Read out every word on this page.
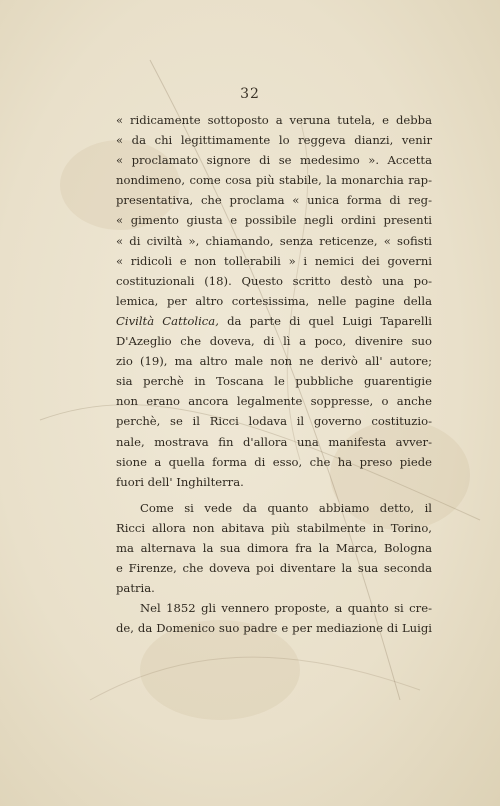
32
« ridicamente sottoposto a veruna tutela, e debba
« da chi legittimamente lo reggeva dianzi, venir
« proclamato signore di se medesimo ». Accetta
nondimeno, come cosa più stabile, la monarchia rap-
presentativa, che proclama « unica forma di reg-
« gimento giusta e possibile negli ordini presenti
« di civiltà », chiamando, senza reticenze, « sofisti
« ridicoli e non tollerabili » i nemici dei governi
costituzionali (18). Questo scritto destò una po-
lemica, per altro cortesissima, nelle pagine della
Civiltà Cattolica, da parte di quel Luigi Taparelli
D'Azeglio che doveva, di lì a poco, divenire suo
zio (19), ma altro male non ne derivò all' autore;
sia perchè in Toscana le pubbliche guarentigie
non erano ancora legalmente soppresse, o anche
perchè, se il Ricci lodava il governo costituzio-
nale, mostrava fin d'allora una manifesta avver-
sione a quella forma di esso, che ha preso piede
fuori dell' Inghilterra.
Come si vede da quanto abbiamo detto, il
Ricci allora non abitava più stabilmente in Torino,
ma alternava la sua dimora fra la Marca, Bologna
e Firenze, che doveva poi diventare la sua seconda
patria.
Nel 1852 gli vennero proposte, a quanto si cre-
de, da Domenico suo padre e per mediazione di Luigi
